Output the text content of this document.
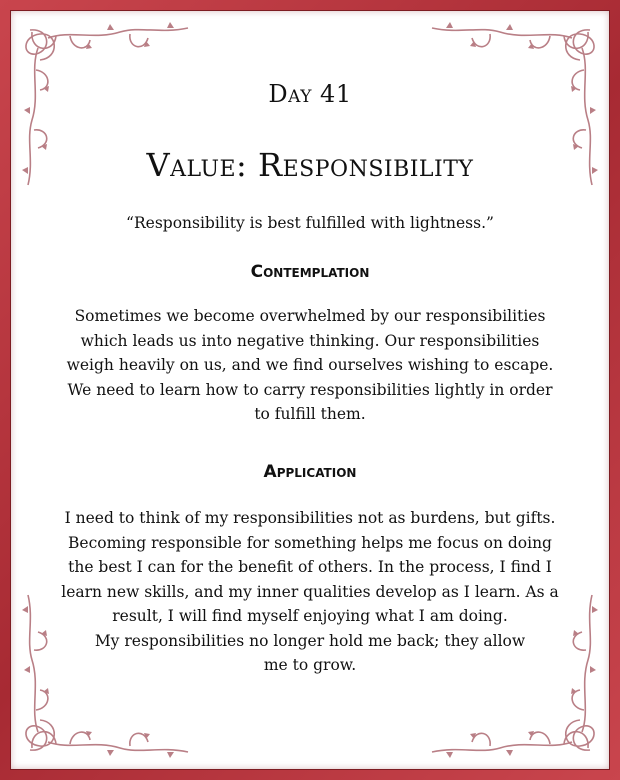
Day 41
Value: Responsibility
“Responsibility is best fulfilled with lightness.”
Contemplation
Sometimes we become overwhelmed by our responsibilities
which leads us into negative thinking. Our responsibilities
weigh heavily on us, and we find ourselves wishing to escape.
We need to learn how to carry responsibilities lightly in order
to fulfill them.
Application
I need to think of my responsibilities not as burdens, but gifts.
Becoming responsible for something helps me focus on doing
the best I can for the benefit of others. In the process, I find I
learn new skills, and my inner qualities develop as I learn. As a
result, I will find myself enjoying what I am doing.
My responsibilities no longer hold me back; they allow
me to grow.
